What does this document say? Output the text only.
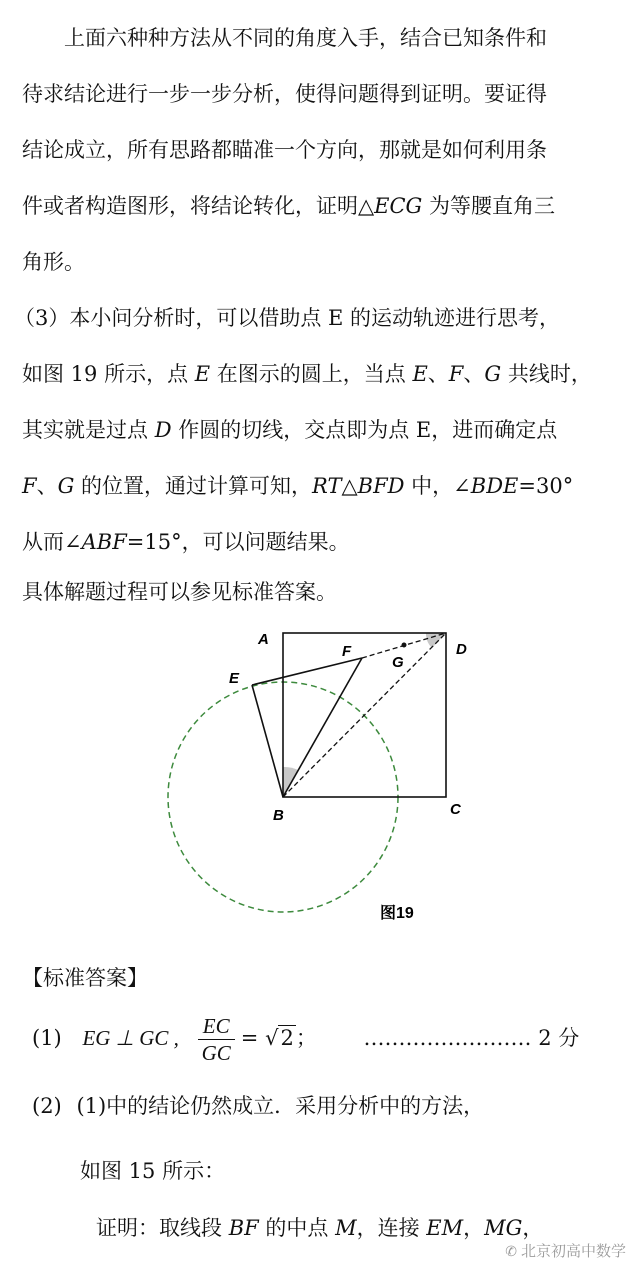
上面六种种方法从不同的角度入手，结合已知条件和
待求结论进行一步一步分析，使得问题得到证明。要证得
结论成立，所有思路都瞄准一个方向，那就是如何利用条
件或者构造图形，将结论转化，证明△ECG 为等腰直角三
角形。
（3）本小问分析时，可以借助点 E 的运动轨迹进行思考，
如图 19 所示，点 E 在图示的圆上，当点 E、F、G 共线时，
其实就是过点 D 作圆的切线，交点即为点 E，进而确定点
F、G 的位置，通过计算可知，RT△BFD 中，∠BDE=30°
从而∠ABF=15°，可以问题结果。
具体解题过程可以参见标准答案。
A
B	C
D
E
F
G
图19
【标准答案】
(1) EG ⊥ GC , $\frac{EC}{GC} = √2$； …………………… 2 分
(2) (1)中的结论仍然成立．采用分析中的方法，
如图 15 所示：
证明：取线段 BF 的中点 M，连接 EM，MG，
✆ 北京初高中数学
